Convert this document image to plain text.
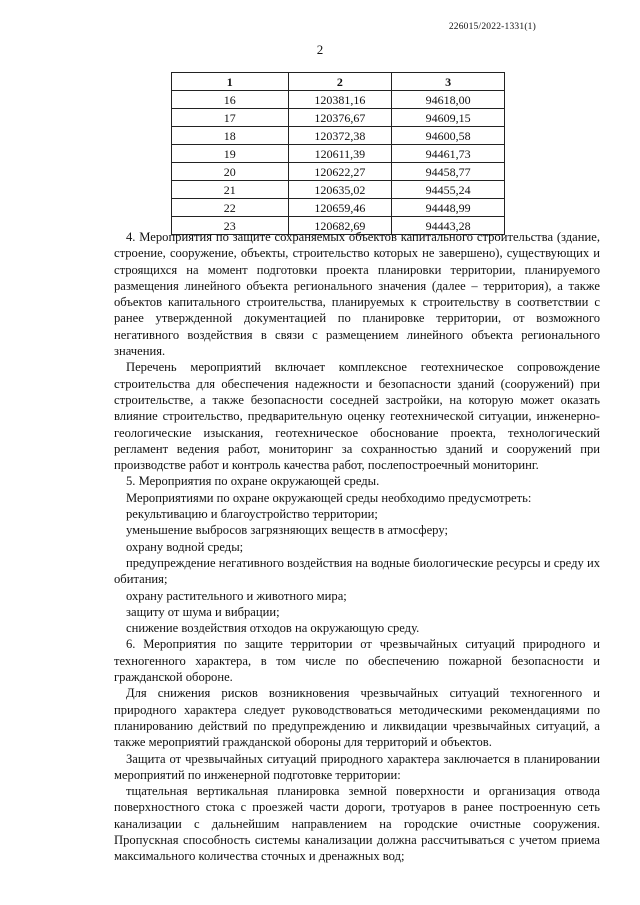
226015/2022-1331(1)
2
1	2	3
16	120381,16	94618,00
17	120376,67	94609,15
18	120372,38	94600,58
19	120611,39	94461,73
20	120622,27	94458,77
21	120635,02	94455,24
22	120659,46	94448,99
23	120682,69	94443,28

4. Мероприятия по защите сохраняемых объектов капитального строительства (здание, строение, сооружение, объекты, строительство которых не завершено), существующих и строящихся на момент подготовки проекта планировки территории, планируемого размещения линейного объекта регионального значения (далее – территория), а также объектов капитального строительства, планируемых к строительству в соответствии с ранее утвержденной документацией по планировке территории, от возможного негативного воздействия в связи с размещением линейного объекта регионального значения.

Перечень мероприятий включает комплексное геотехническое сопровождение строительства для обеспечения надежности и безопасности зданий (сооружений) при строительстве, а также безопасности соседней застройки, на которую может оказать влияние строительство, предварительную оценку геотехнической ситуации, инженерно-геологические изыскания, геотехническое обоснование проекта, технологический регламент ведения работ, мониторинг за сохранностью зданий и сооружений при производстве работ и контроль качества работ, послепостроечный мониторинг.

5. Мероприятия по охране окружающей среды.

Мероприятиями по охране окружающей среды необходимо предусмотреть:

рекультивацию и благоустройство территории;

уменьшение выбросов загрязняющих веществ в атмосферу;

охрану водной среды;

предупреждение негативного воздействия на водные биологические ресурсы и среду их обитания;

охрану растительного и животного мира;

защиту от шума и вибрации;

снижение воздействия отходов на окружающую среду.

6. Мероприятия по защите территории от чрезвычайных ситуаций природного и техногенного характера, в том числе по обеспечению пожарной безопасности и гражданской обороне.

Для снижения рисков возникновения чрезвычайных ситуаций техногенного и природного характера следует руководствоваться методическими рекомендациями по планированию действий по предупреждению и ликвидации чрезвычайных ситуаций, а также мероприятий гражданской обороны для территорий и объектов.

Защита от чрезвычайных ситуаций природного характера заключается в планировании мероприятий по инженерной подготовке территории:

тщательная вертикальная планировка земной поверхности и организация отвода поверхностного стока с проезжей части дороги, тротуаров в ранее построенную сеть канализации с дальнейшим направлением на городские очистные сооружения. Пропускная способность системы канализации должна рассчитываться с учетом приема максимального количества сточных и дренажных вод;
